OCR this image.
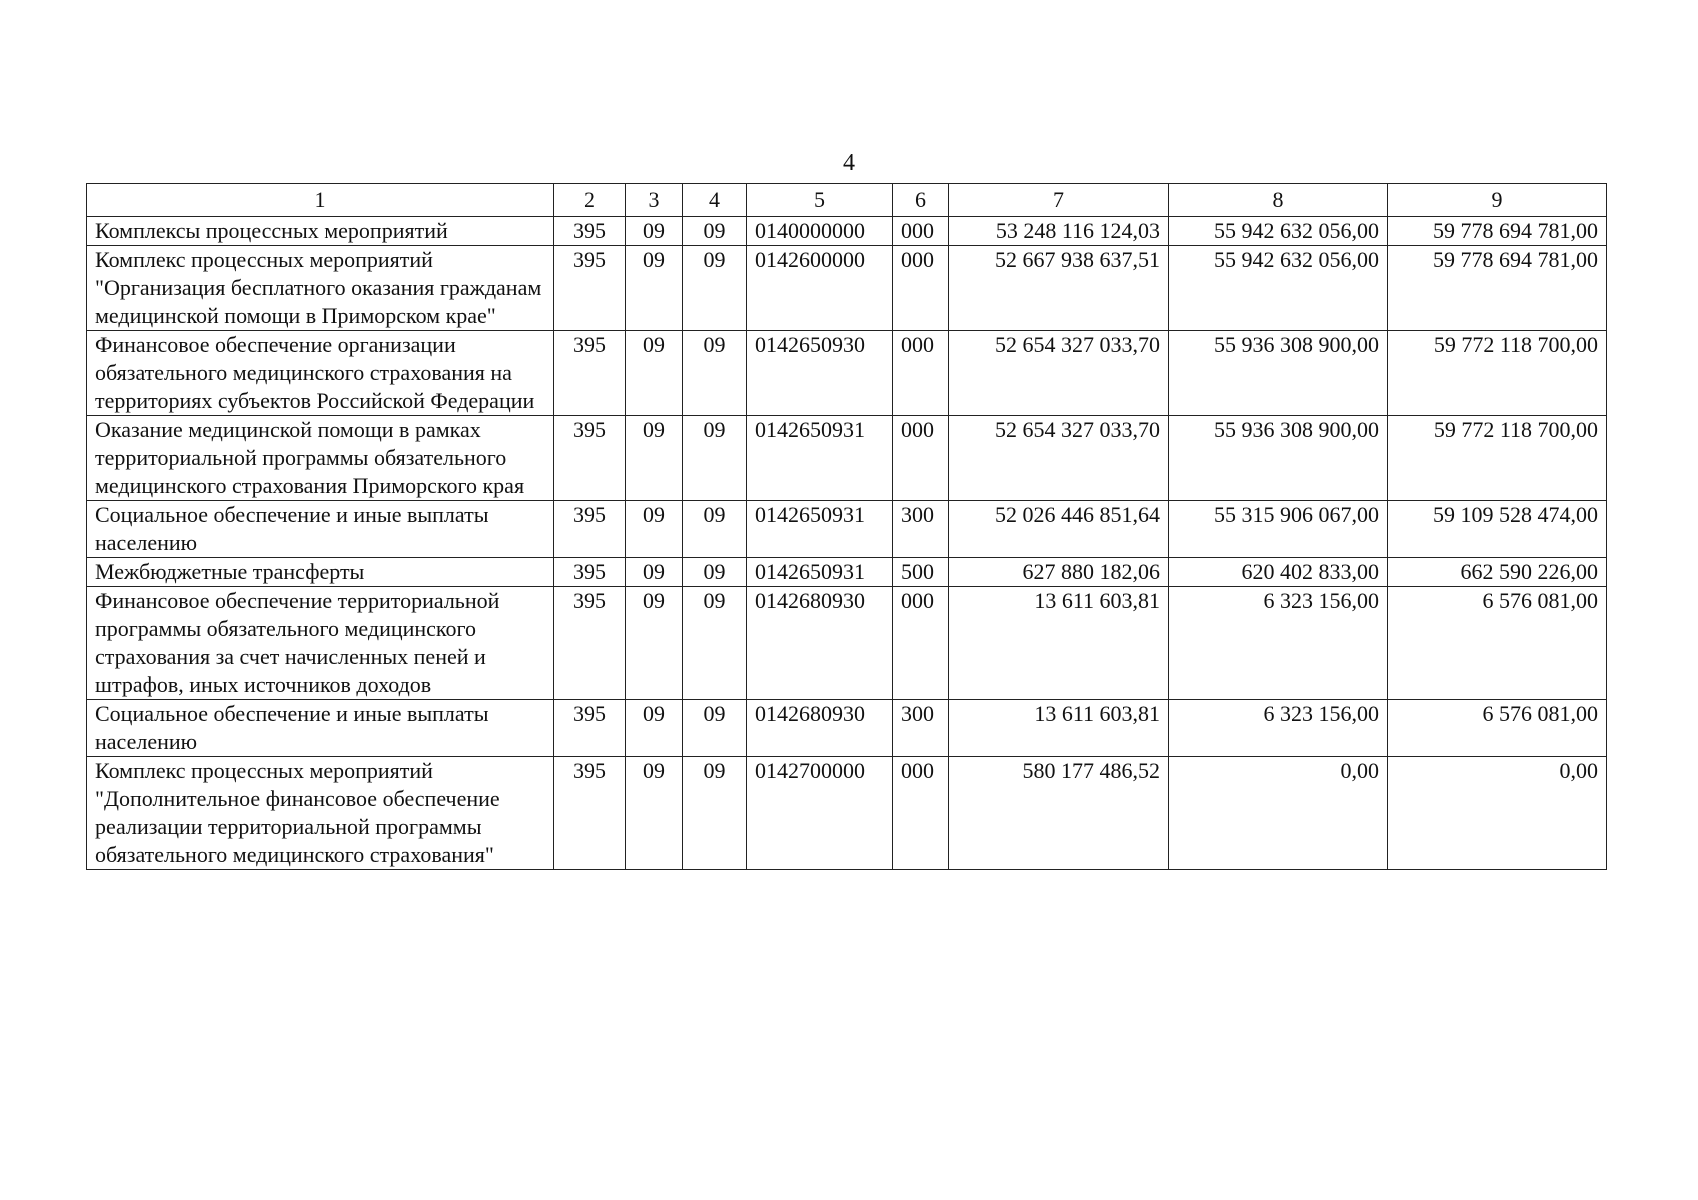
4
1	2	3	4	5	6	7	8	9
Комплексы процессных мероприятий	395	09	09	0140000000	000	53 248 116 124,03	55 942 632 056,00	59 778 694 781,00
Комплекс процессных мероприятий "Организация бесплатного оказания гражданам медицинской помощи в Приморском крае"	395	09	09	0142600000	000	52 667 938 637,51	55 942 632 056,00	59 778 694 781,00
Финансовое обеспечение организации обязательного медицинского страхования на территориях субъектов Российской Федерации	395	09	09	0142650930	000	52 654 327 033,70	55 936 308 900,00	59 772 118 700,00
Оказание медицинской помощи в рамках территориальной программы обязательного медицинского страхования Приморского края	395	09	09	0142650931	000	52 654 327 033,70	55 936 308 900,00	59 772 118 700,00
Социальное обеспечение и иные выплаты населению	395	09	09	0142650931	300	52 026 446 851,64	55 315 906 067,00	59 109 528 474,00
Межбюджетные трансферты	395	09	09	0142650931	500	627 880 182,06	620 402 833,00	662 590 226,00
Финансовое обеспечение территориальной программы обязательного медицинского страхования за счет начисленных пеней и штрафов, иных источников доходов	395	09	09	0142680930	000	13 611 603,81	6 323 156,00	6 576 081,00
Социальное обеспечение и иные выплаты населению	395	09	09	0142680930	300	13 611 603,81	6 323 156,00	6 576 081,00
Комплекс процессных мероприятий "Дополнительное финансовое обеспечение реализации территориальной программы обязательного медицинского страхования"	395	09	09	0142700000	000	580 177 486,52	0,00	0,00
